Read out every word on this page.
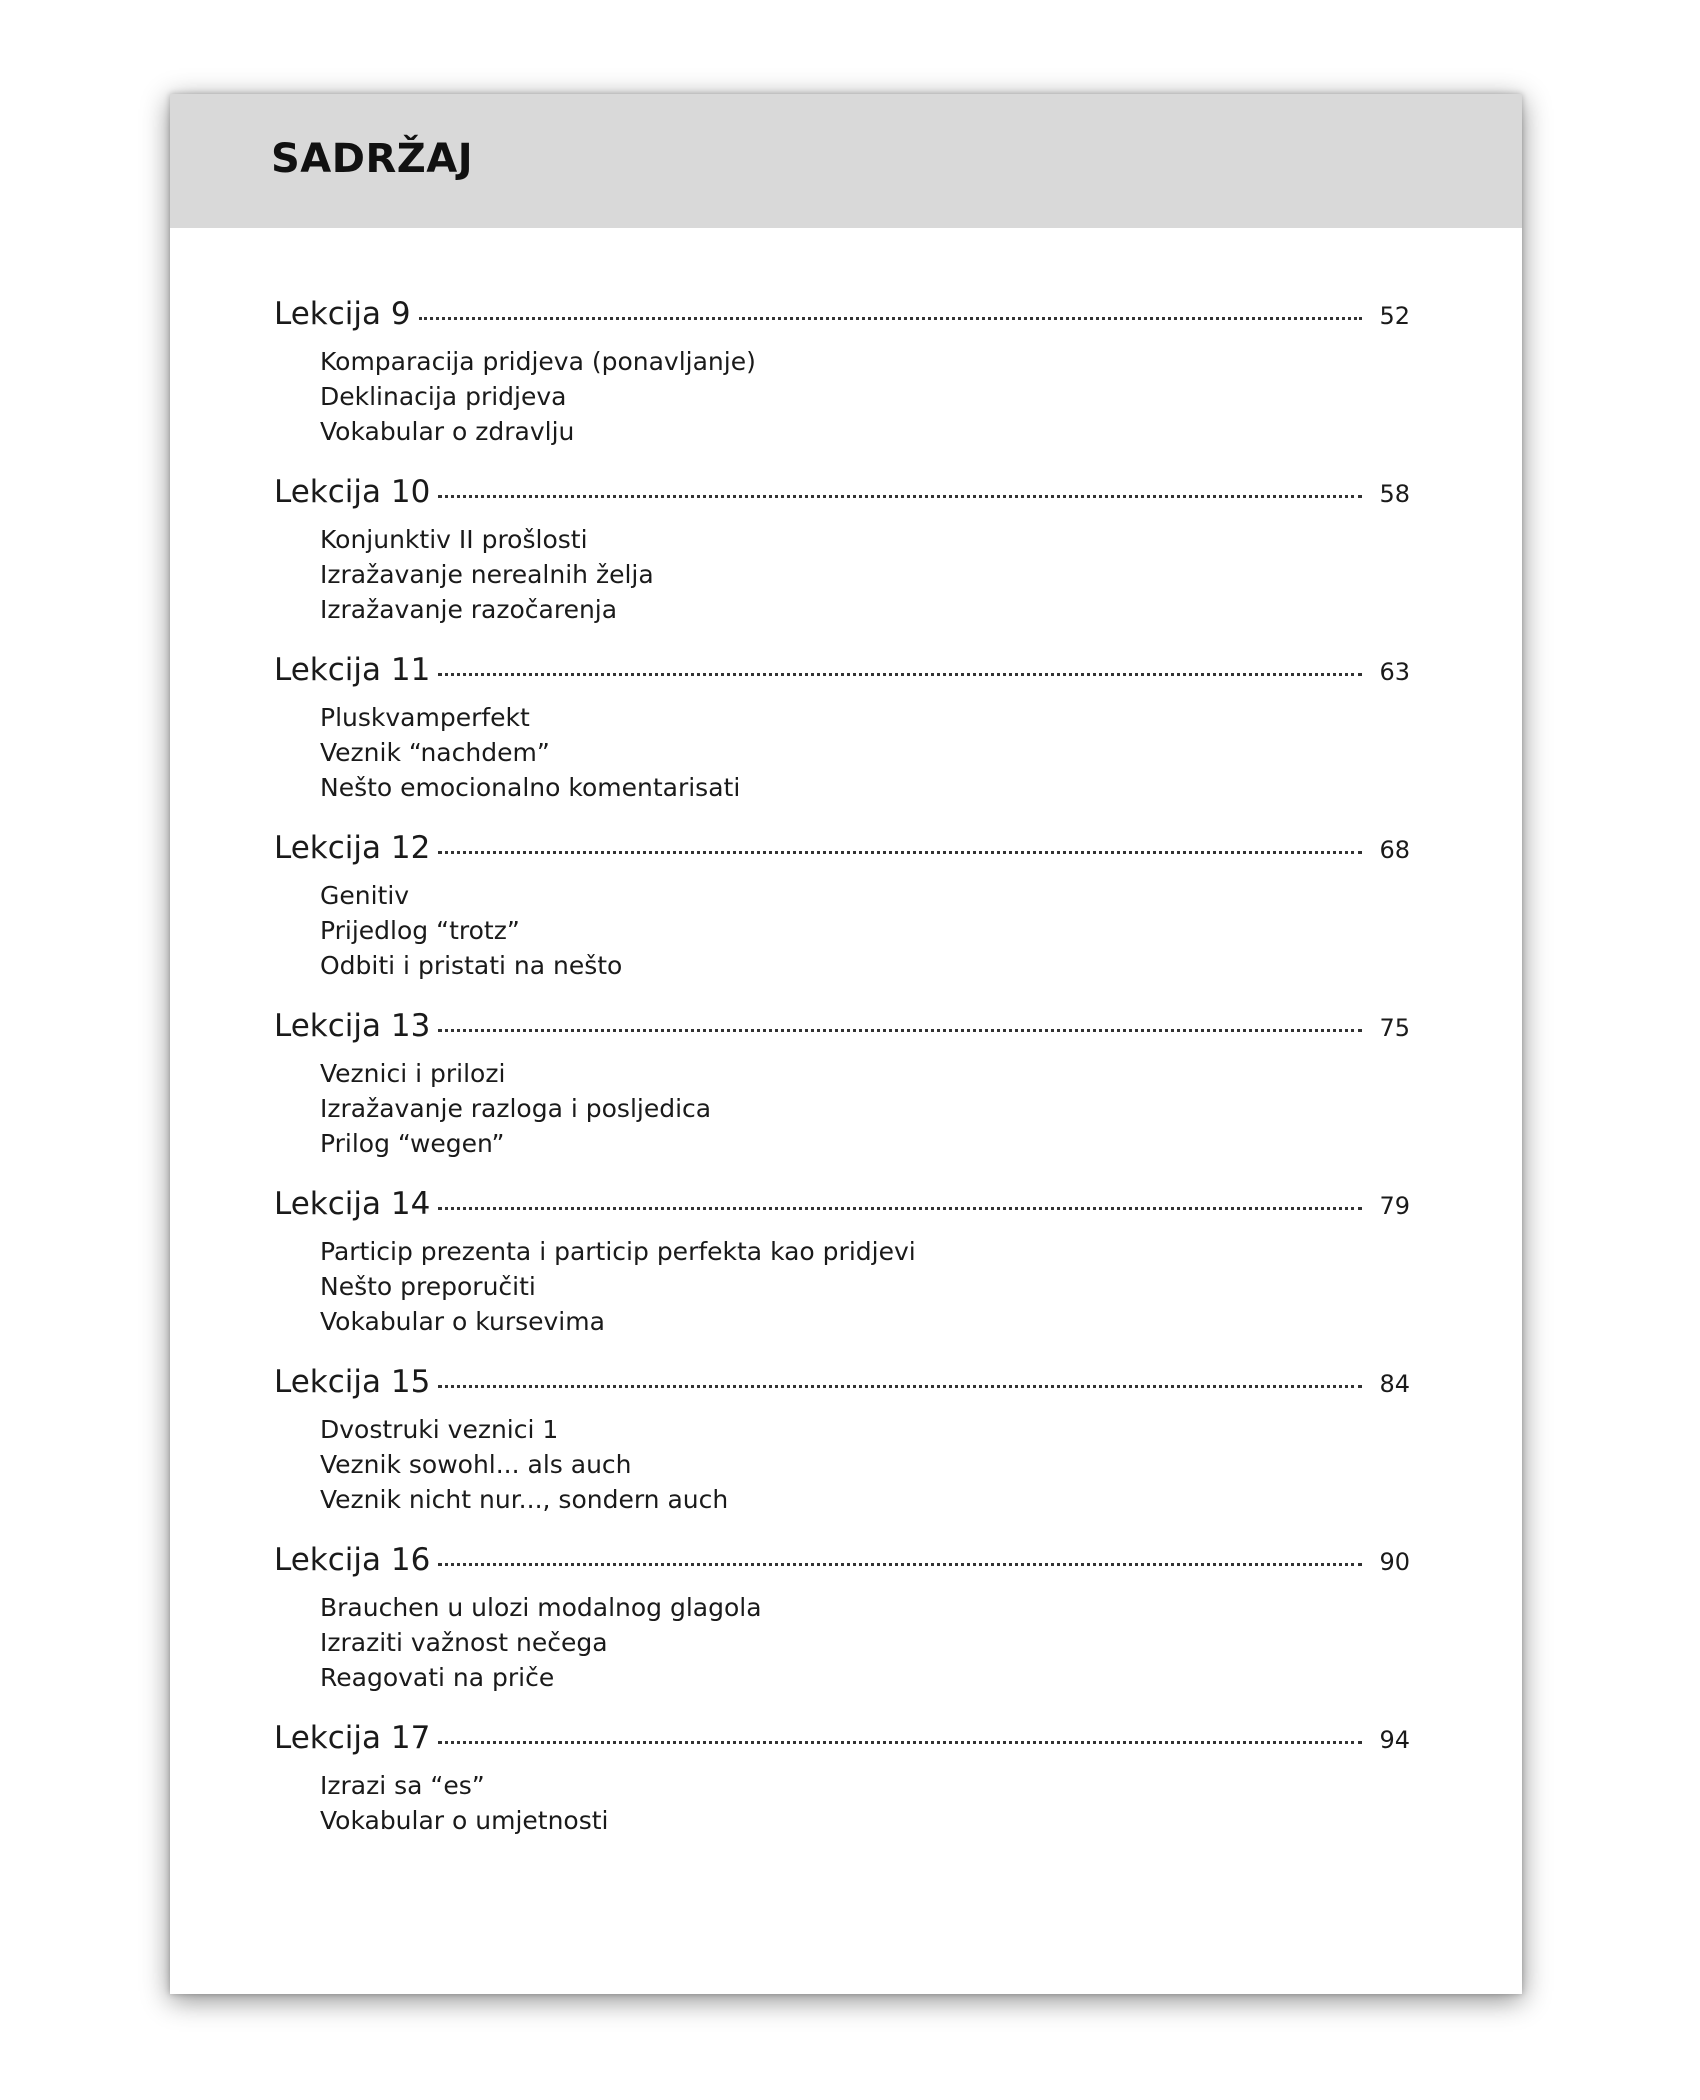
SADRŽAJ
Lekcija 9	52
Komparacija pridjeva (ponavljanje)
Deklinacija pridjeva
Vokabular o zdravlju
Lekcija 10	58
Konjunktiv II prošlosti
Izražavanje nerealnih želja
Izražavanje razočarenja
Lekcija 11	63
Pluskvamperfekt
Veznik “nachdem”
Nešto emocionalno komentarisati
Lekcija 12	68
Genitiv
Prijedlog “trotz”
Odbiti i pristati na nešto
Lekcija 13	75
Veznici i prilozi
Izražavanje razloga i posljedica
Prilog “wegen”
Lekcija 14	79
Particip prezenta i particip perfekta kao pridjevi
Nešto preporučiti
Vokabular o kursevima
Lekcija 15	84
Dvostruki veznici 1
Veznik sowohl... als auch
Veznik nicht nur..., sondern auch
Lekcija 16	90
Brauchen u ulozi modalnog glagola
Izraziti važnost nečega
Reagovati na priče
Lekcija 17	94
Izrazi sa “es”
Vokabular o umjetnosti
